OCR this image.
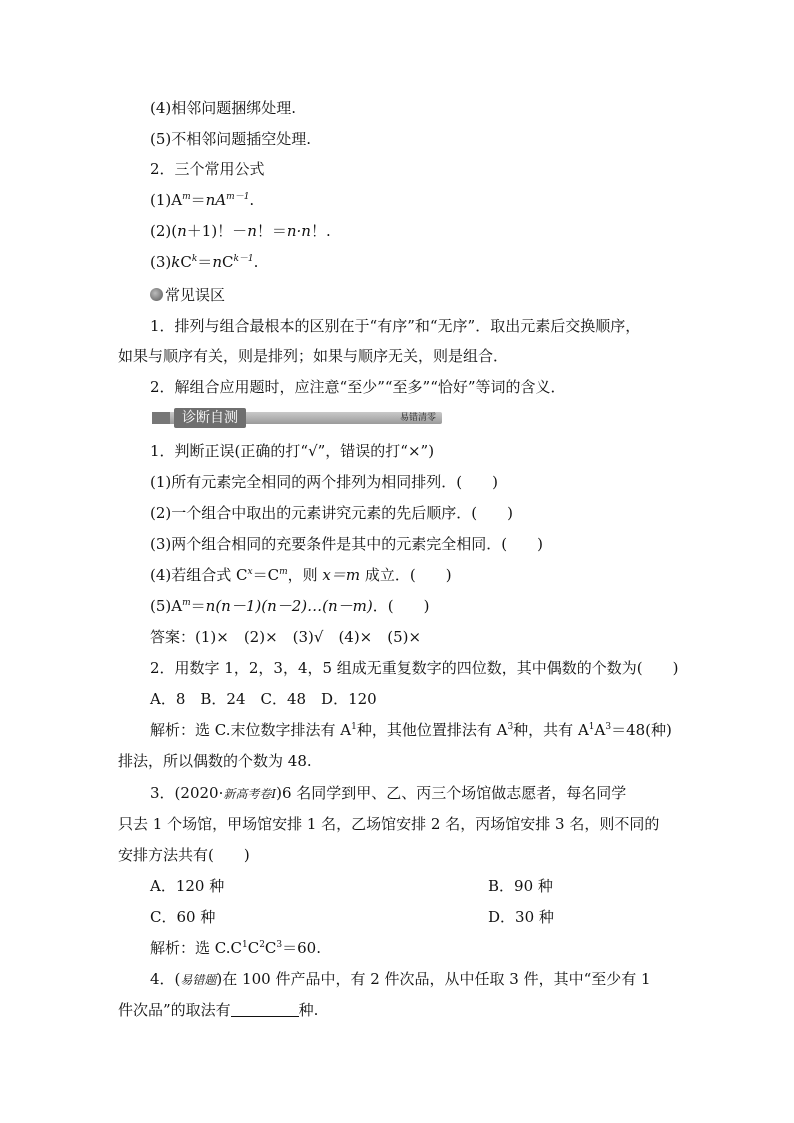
(4)相邻问题捆绑处理.
(5)不相邻问题插空处理.
2．三个常用公式
$(1)A^m=nA^{m-1}$.
(2)(n＋1)！－n！＝n·n！.
$(3)kC^k=nC^{k-1}$.
常见误区
1．排列与组合最根本的区别在于“有序”和“无序”．取出元素后交换顺序，
如果与顺序有关，则是排列；如果与顺序无关，则是组合．
2．解组合应用题时，应注意“至少”“至多”“恰好”等词的含义．
诊断自测	易错清零
1．判断正误(正确的打“√”，错误的打“×”)
(1)所有元素完全相同的两个排列为相同排列．(　　)
(2)一个组合中取出的元素讲究元素的先后顺序．(　　)
(3)两个组合相同的充要条件是其中的元素完全相同．(　　)
(4)若组合式 $C^x=C^m$，则 x＝m 成立．(　　)
$(5)A^m=n(n-1)(n-2)\dots(n-m)$．(　　)
答案：(1)×　(2)×　(3)√　(4)×　(5)×
2．用数字 1，2，3，4，5 组成无重复数字的四位数，其中偶数的个数为(　　)
A．8　B．24　C．48　D．120
解析：选 C.末位数字排法有 $A^1$种，其他位置排法有 $A^3$种，共有 $A^1A^3=48$(种)
排法，所以偶数的个数为 48.
3．(2020·新高考卷Ⅰ)6 名同学到甲、乙、丙三个场馆做志愿者，每名同学
只去 1 个场馆，甲场馆安排 1 名，乙场馆安排 2 名，丙场馆安排 3 名，则不同的
安排方法共有(　　)
A．120 种	B．90 种
C．60 种	D．30 种
解析：选 $C.C^1C^2C^3=60$.
4．(易错题)在 100 件产品中，有 2 件次品，从中任取 3 件，其中“至少有 1
件次品”的取法有	种.
